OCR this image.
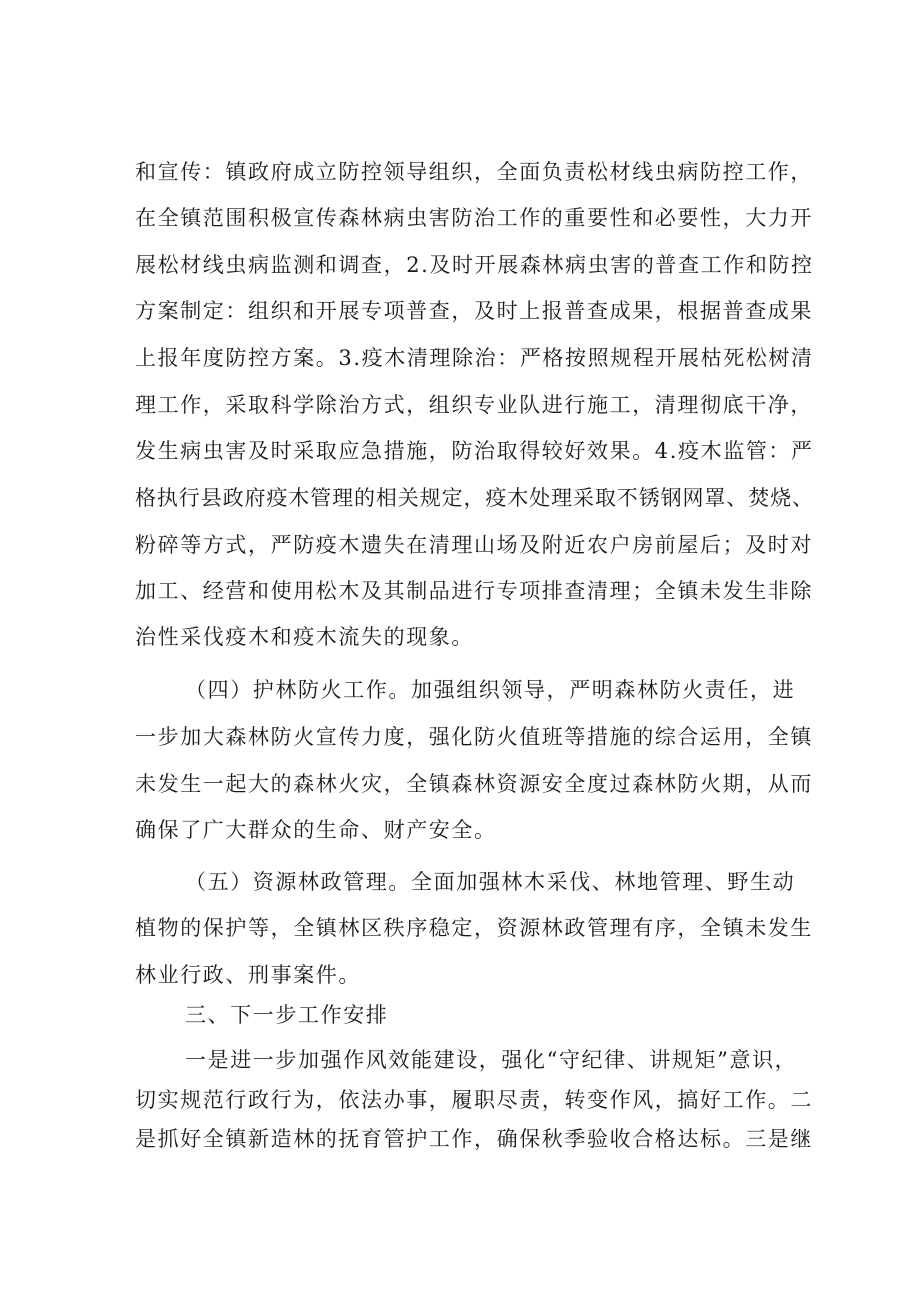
和宣传：镇政府成立防控领导组织，全面负责松材线虫病防控工作，
在全镇范围积极宣传森林病虫害防治工作的重要性和必要性，大力开
展松材线虫病监测和调查，2.及时开展森林病虫害的普查工作和防控
方案制定：组织和开展专项普查，及时上报普查成果，根据普查成果
上报年度防控方案。3.疫木清理除治：严格按照规程开展枯死松树清
理工作，采取科学除治方式，组织专业队进行施工，清理彻底干净，
发生病虫害及时采取应急措施，防治取得较好效果。4.疫木监管：严
格执行县政府疫木管理的相关规定，疫木处理采取不锈钢网罩、焚烧、
粉碎等方式，严防疫木遗失在清理山场及附近农户房前屋后；及时对
加工、经营和使用松木及其制品进行专项排查清理；全镇未发生非除
治性采伐疫木和疫木流失的现象。
（四）护林防火工作。加强组织领导，严明森林防火责任，进
一步加大森林防火宣传力度，强化防火值班等措施的综合运用，全镇
未发生一起大的森林火灾，全镇森林资源安全度过森林防火期，从而
确保了广大群众的生命、财产安全。
（五）资源林政管理。全面加强林木采伐、林地管理、野生动
植物的保护等，全镇林区秩序稳定，资源林政管理有序，全镇未发生
林业行政、刑事案件。
三、下一步工作安排
一是进一步加强作风效能建设，强化“守纪律、讲规矩”意识，
切实规范行政行为，依法办事，履职尽责，转变作风，搞好工作。二
是抓好全镇新造林的抚育管护工作，确保秋季验收合格达标。三是继
